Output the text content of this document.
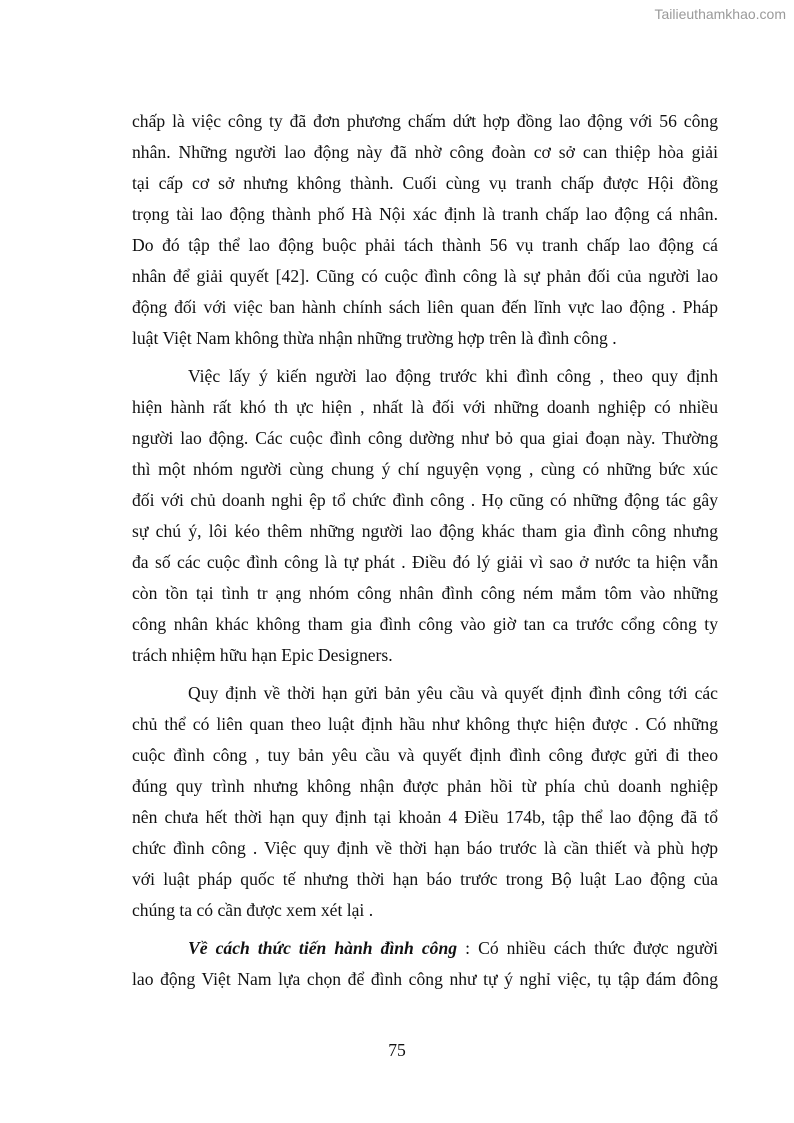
Tailieuthamkhao.com
chấp là việc công ty đã đơn phương chấm dứt hợp đồng lao động với 56 công
nhân. Những người lao động này đã nhờ công đoàn cơ sở can thiệp hòa giải
tại cấp cơ sở nhưng không thành. Cuối cùng vụ tranh chấp được Hội đồng
trọng tài lao động thành phố Hà Nội xác định là tranh chấp lao động cá nhân.
Do đó tập thể lao động buộc phải tách thành 56 vụ tranh chấp lao động cá
nhân để giải quyết [42]. Cũng có cuộc đình công là sự phản đối của người lao
động đối với việc ban hành chính sách liên quan đến lĩnh vực lao động . Pháp
luật Việt Nam không thừa nhận những trường hợp trên là đình công .
Việc lấy ý kiến người lao động trước khi đình công , theo quy định
hiện hành rất khó th ực hiện , nhất là đối với những doanh nghiệp có nhiều
người lao động. Các cuộc đình công dường như bỏ qua giai đoạn này. Thường
thì một nhóm người cùng chung ý chí nguyện vọng , cùng có những bức xúc
đối với chủ doanh nghi ệp tổ chức đình công . Họ cũng có những động tác gây
sự chú ý, lôi kéo thêm những người lao động khác tham gia đình công nhưng
đa số các cuộc đình công là tự phát . Điều đó lý giải vì sao ở nước ta hiện vẫn
còn tồn tại tình tr ạng nhóm công nhân đình công ném mắm tôm vào những
công nhân khác không tham gia đình công vào giờ tan ca trước cổng công ty
trách nhiệm hữu hạn Epic Designers.
Quy định về thời hạn gửi bản yêu cầu và quyết định đình công tới các
chủ thể có liên quan theo luật định hầu như không thực hiện được . Có những
cuộc đình công , tuy bản yêu cầu và quyết định đình công được gửi đi theo
đúng quy trình nhưng không nhận được phản hồi từ phía chủ doanh nghiệp
nên chưa hết thời hạn quy định tại khoản 4 Điều 174b, tập thể lao động đã tổ
chức đình công . Việc quy định về thời hạn báo trước là cần thiết và phù hợp
với luật pháp quốc tế nhưng thời hạn báo trước trong Bộ luật Lao động của
chúng ta có cần được xem xét lại .
Về cách thức tiến hành đình công : Có nhiều cách thức được người
lao động Việt Nam lựa chọn để đình công như tự ý nghỉ việc, tụ tập đám đông
75
